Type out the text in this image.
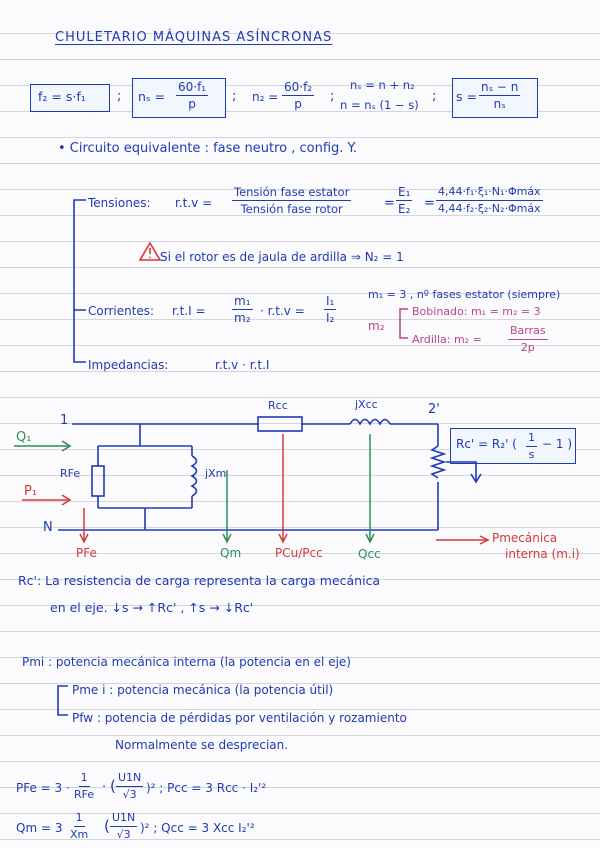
CHULETARIO MÁQUINAS ASÍNCRONAS
f₂ = s·f₁ ; $n_s = \frac{\text{60·f₁}}{p}$ ; $n_2 = \frac{\text{60·f₂}}{p}$ ;
nₛ = n + n₂
n = nₛ (1 − s)
; $s = \frac{\text{nₛ − n}}{\text{nₛ}}$
• Circuito equivalente : fase neutro , config. Y.
Tensiones: r.t.v =
Tensión fase estator
Tensión fase rotor	= $\frac{\text{E₁}}{\text{E₂}}$ =
4,44·f₁·ξ₁·N₁·Φmáx
4,44·f₂·ξ₂·N₂·Φmáx
Si el rotor es de jaula de ardilla ⇒ N₂ = 1
m₁ = 3 , nº fases estator (siempre)
m₂
Bobinado: m₁ = m₂ = 3
Ardilla: m₂ =
Barras
2p
Corrientes: $r.t.I = \frac{\text{m₁}}{\text{m₂}} \cdot r.t.v = \frac{\text{I₁}}{\text{I₂}}$
Impedancias:	r.t.v · r.t.I
1
2'
N
Q₁
P₁
RFe	jXm
Rcc	jXcc
Rc' = R₂' ( $\frac{1}{s} - 1$ )
PFe	Qm	PCu/Pcc	Qcc
Pmecánica
interna (m.i)
Rc': La resistencia de carga representa la carga mecánica
en el eje. ↓s → ↑Rc' , ↑s → ↓Rc'
Pmi : potencia mecánica interna (la potencia en el eje)
Pme i : potencia mecánica (la potencia útil)
Pfw : potencia de pérdidas por ventilación y rozamiento
Normalmente se desprecian.
PFe = 3 ·
1
RFe · ( $\frac{U1N}{√3} )^2$ ; Pcc = 3 Rcc · I₂'²
$Qm = 3 \frac{1}{Xm}$ ( $\frac{U1N}{√3} )^2$ ; Qcc = 3 Xcc I₂'²
